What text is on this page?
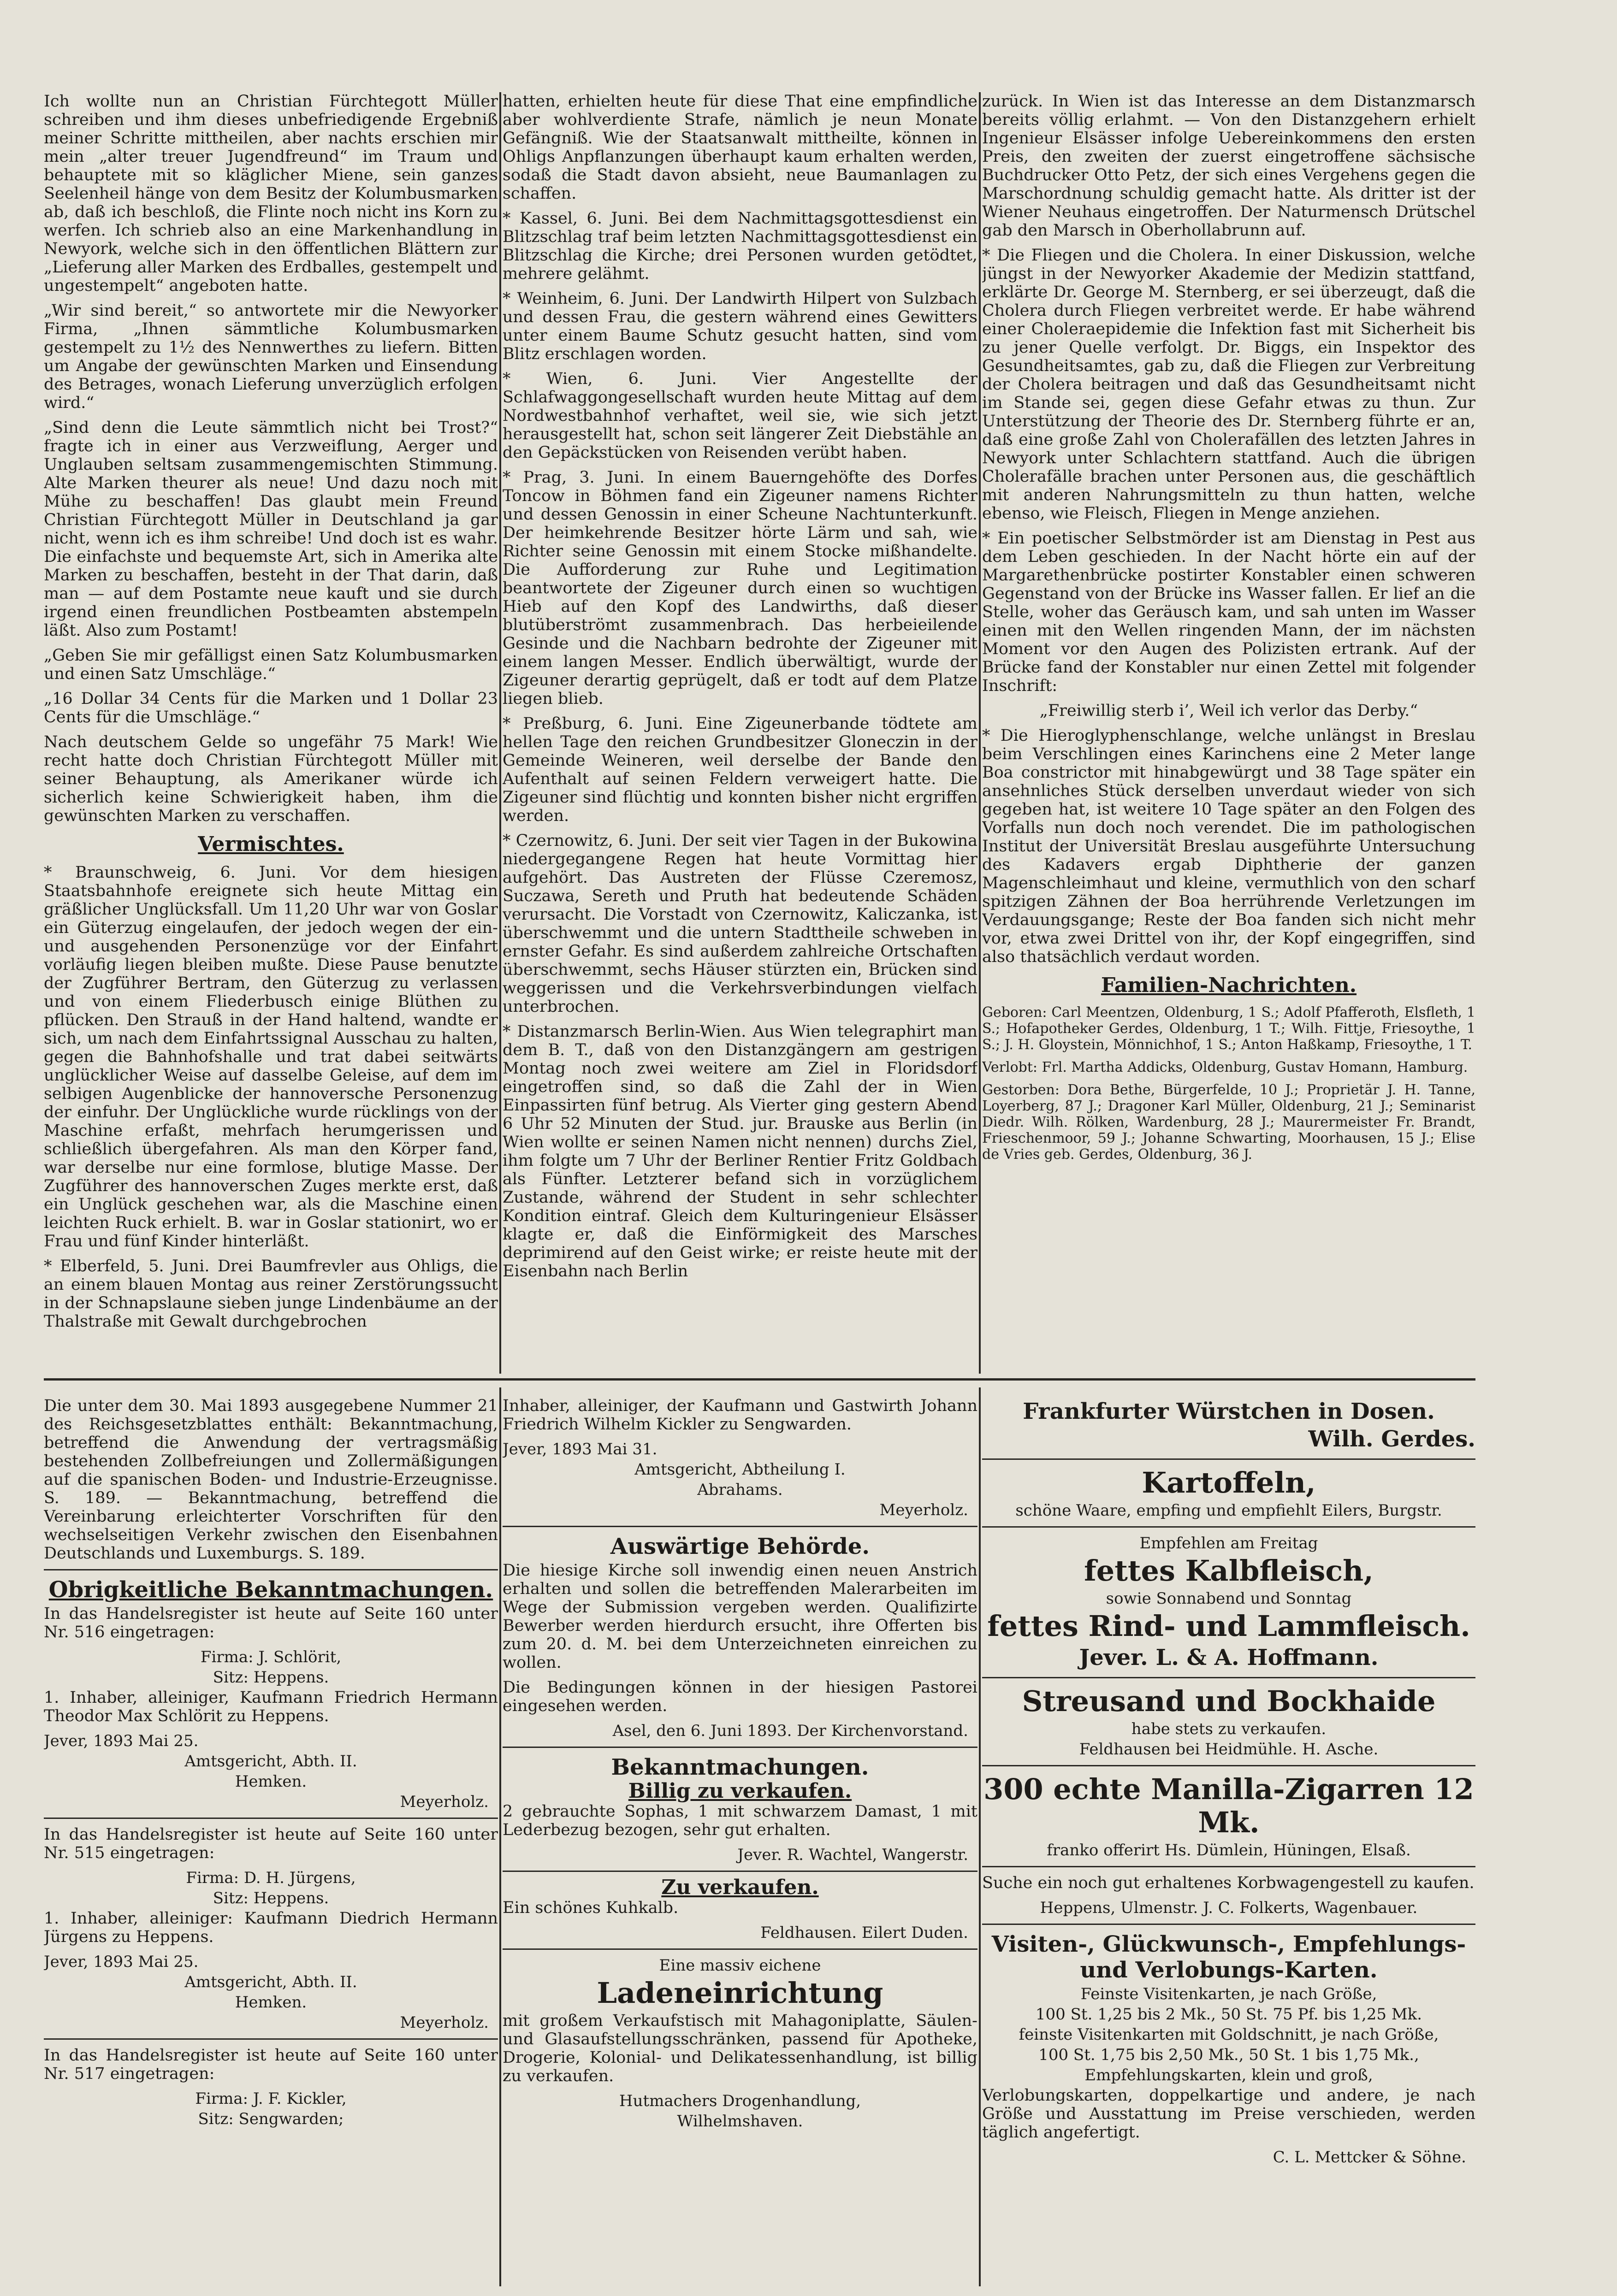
Ich wollte nun an Christian Fürchtegott Müller schreiben und ihm dieses unbefriedigende Ergebniß meiner Schritte mittheilen, aber nachts erschien mir mein „alter treuer Jugendfreund“ im Traum und behauptete mit so kläglicher Miene, sein ganzes Seelenheil hänge von dem Besitz der Kolumbusmarken ab, daß ich beschloß, die Flinte noch nicht ins Korn zu werfen. Ich schrieb also an eine Markenhandlung in Newyork, welche sich in den öffentlichen Blättern zur „Lieferung aller Marken des Erdballes, gestempelt und ungestempelt“ angeboten hatte.

„Wir sind bereit,“ so antwortete mir die Newyorker Firma, „Ihnen sämmtliche Kolumbusmarken gestempelt zu 1½ des Nennwerthes zu liefern. Bitten um Angabe der gewünschten Marken und Einsendung des Betrages, wonach Lieferung unverzüglich erfolgen wird.“

„Sind denn die Leute sämmtlich nicht bei Trost?“ fragte ich in einer aus Verzweiflung, Aerger und Unglauben seltsam zusammengemischten Stimmung. Alte Marken theurer als neue! Und dazu noch mit Mühe zu beschaffen! Das glaubt mein Freund Christian Fürchtegott Müller in Deutschland ja gar nicht, wenn ich es ihm schreibe! Und doch ist es wahr. Die einfachste und bequemste Art, sich in Amerika alte Marken zu beschaffen, besteht in der That darin, daß man — auf dem Postamte neue kauft und sie durch irgend einen freundlichen Postbeamten abstempeln läßt. Also zum Postamt!

„Geben Sie mir gefälligst einen Satz Kolumbusmarken und einen Satz Umschläge.“

„16 Dollar 34 Cents für die Marken und 1 Dollar 23 Cents für die Umschläge.“

Nach deutschem Gelde so ungefähr 75 Mark! Wie recht hatte doch Christian Fürchtegott Müller mit seiner Behauptung, als Amerikaner würde ich sicherlich keine Schwierigkeit haben, ihm die gewünschten Marken zu verschaffen.

Vermischtes.

* Braunschweig, 6. Juni. Vor dem hiesigen Staatsbahnhofe ereignete sich heute Mittag ein gräßlicher Unglücksfall. Um 11,20 Uhr war von Goslar ein Güterzug eingelaufen, der jedoch wegen der ein- und ausgehenden Personenzüge vor der Einfahrt vorläufig liegen bleiben mußte. Diese Pause benutzte der Zugführer Bertram, den Güterzug zu verlassen und von einem Fliederbusch einige Blüthen zu pflücken. Den Strauß in der Hand haltend, wandte er sich, um nach dem Einfahrtssignal Ausschau zu halten, gegen die Bahnhofshalle und trat dabei seitwärts unglücklicher Weise auf dasselbe Geleise, auf dem im selbigen Augenblicke der hannoversche Personenzug der einfuhr. Der Unglückliche wurde rücklings von der Maschine erfaßt, mehrfach herumgerissen und schließlich übergefahren. Als man den Körper fand, war derselbe nur eine formlose, blutige Masse. Der Zugführer des hannoverschen Zuges merkte erst, daß ein Unglück geschehen war, als die Maschine einen leichten Ruck erhielt. B. war in Goslar stationirt, wo er Frau und fünf Kinder hinterläßt.

* Elberfeld, 5. Juni. Drei Baumfrevler aus Ohligs, die an einem blauen Montag aus reiner Zerstörungssucht in der Schnapslaune sieben junge Lindenbäume an der Thalstraße mit Gewalt durchgebrochen

hatten, erhielten heute für diese That eine empfindliche aber wohlverdiente Strafe, nämlich je neun Monate Gefängniß. Wie der Staatsanwalt mittheilte, können in Ohligs Anpflanzungen überhaupt kaum erhalten werden, sodaß die Stadt davon absieht, neue Baumanlagen zu schaffen.

* Kassel, 6. Juni. Bei dem Nachmittagsgottesdienst ein Blitzschlag traf beim letzten Nachmittagsgottesdienst ein Blitzschlag die Kirche; drei Personen wurden getödtet, mehrere gelähmt.

* Weinheim, 6. Juni. Der Landwirth Hilpert von Sulzbach und dessen Frau, die gestern während eines Gewitters unter einem Baume Schutz gesucht hatten, sind vom Blitz erschlagen worden.

* Wien, 6. Juni. Vier Angestellte der Schlafwaggongesellschaft wurden heute Mittag auf dem Nordwestbahnhof verhaftet, weil sie, wie sich jetzt herausgestellt hat, schon seit längerer Zeit Diebstähle an den Gepäckstücken von Reisenden verübt haben.

* Prag, 3. Juni. In einem Bauerngehöfte des Dorfes Toncow in Böhmen fand ein Zigeuner namens Richter und dessen Genossin in einer Scheune Nachtunterkunft. Der heimkehrende Besitzer hörte Lärm und sah, wie Richter seine Genossin mit einem Stocke mißhandelte. Die Aufforderung zur Ruhe und Legitimation beantwortete der Zigeuner durch einen so wuchtigen Hieb auf den Kopf des Landwirths, daß dieser blutüberströmt zusammenbrach. Das herbeieilende Gesinde und die Nachbarn bedrohte der Zigeuner mit einem langen Messer. Endlich überwältigt, wurde der Zigeuner derartig geprügelt, daß er todt auf dem Platze liegen blieb.

* Preßburg, 6. Juni. Eine Zigeunerbande tödtete am hellen Tage den reichen Grundbesitzer Gloneczin in der Gemeinde Weineren, weil derselbe der Bande den Aufenthalt auf seinen Feldern verweigert hatte. Die Zigeuner sind flüchtig und konnten bisher nicht ergriffen werden.

* Czernowitz, 6. Juni. Der seit vier Tagen in der Bukowina niedergegangene Regen hat heute Vormittag hier aufgehört. Das Austreten der Flüsse Czeremosz, Suczawa, Sereth und Pruth hat bedeutende Schäden verursacht. Die Vorstadt von Czernowitz, Kaliczanka, ist überschwemmt und die untern Stadttheile schweben in ernster Gefahr. Es sind außerdem zahlreiche Ortschaften überschwemmt, sechs Häuser stürzten ein, Brücken sind weggerissen und die Verkehrsverbindungen vielfach unterbrochen.

* Distanzmarsch Berlin-Wien. Aus Wien telegraphirt man dem B. T., daß von den Distanzgängern am gestrigen Montag noch zwei weitere am Ziel in Floridsdorf eingetroffen sind, so daß die Zahl der in Wien Einpassirten fünf betrug. Als Vierter ging gestern Abend 6 Uhr 52 Minuten der Stud. jur. Brauske aus Berlin (in Wien wollte er seinen Namen nicht nennen) durchs Ziel, ihm folgte um 7 Uhr der Berliner Rentier Fritz Goldbach als Fünfter. Letzterer befand sich in vorzüglichem Zustande, während der Student in sehr schlechter Kondition eintraf. Gleich dem Kulturingenieur Elsässer klagte er, daß die Einförmigkeit des Marsches deprimirend auf den Geist wirke; er reiste heute mit der Eisenbahn nach Berlin

zurück. In Wien ist das Interesse an dem Distanzmarsch bereits völlig erlahmt. — Von den Distanzgehern erhielt Ingenieur Elsässer infolge Uebereinkommens den ersten Preis, den zweiten der zuerst eingetroffene sächsische Buchdrucker Otto Petz, der sich eines Vergehens gegen die Marschordnung schuldig gemacht hatte. Als dritter ist der Wiener Neuhaus eingetroffen. Der Naturmensch Drütschel gab den Marsch in Oberhollabrunn auf.

* Die Fliegen und die Cholera. In einer Diskussion, welche jüngst in der Newyorker Akademie der Medizin stattfand, erklärte Dr. George M. Sternberg, er sei überzeugt, daß die Cholera durch Fliegen verbreitet werde. Er habe während einer Choleraepidemie die Infektion fast mit Sicherheit bis zu jener Quelle verfolgt. Dr. Biggs, ein Inspektor des Gesundheitsamtes, gab zu, daß die Fliegen zur Verbreitung der Cholera beitragen und daß das Gesundheitsamt nicht im Stande sei, gegen diese Gefahr etwas zu thun. Zur Unterstützung der Theorie des Dr. Sternberg führte er an, daß eine große Zahl von Cholerafällen des letzten Jahres in Newyork unter Schlachtern stattfand. Auch die übrigen Cholerafälle brachen unter Personen aus, die geschäftlich mit anderen Nahrungsmitteln zu thun hatten, welche ebenso, wie Fleisch, Fliegen in Menge anziehen.

* Ein poetischer Selbstmörder ist am Dienstag in Pest aus dem Leben geschieden. In der Nacht hörte ein auf der Margarethenbrücke postirter Konstabler einen schweren Gegenstand von der Brücke ins Wasser fallen. Er lief an die Stelle, woher das Geräusch kam, und sah unten im Wasser einen mit den Wellen ringenden Mann, der im nächsten Moment vor den Augen des Polizisten ertrank. Auf der Brücke fand der Konstabler nur einen Zettel mit folgender Inschrift:

„Freiwillig sterb i’, Weil ich verlor das Derby.“

* Die Hieroglyphenschlange, welche unlängst in Breslau beim Verschlingen eines Karinchens eine 2 Meter lange Boa constrictor mit hinabgewürgt und 38 Tage später ein ansehnliches Stück derselben unverdaut wieder von sich gegeben hat, ist weitere 10 Tage später an den Folgen des Vorfalls nun doch noch verendet. Die im pathologischen Institut der Universität Breslau ausgeführte Untersuchung des Kadavers ergab Diphtherie der ganzen Magenschleimhaut und kleine, vermuthlich von den scharf spitzigen Zähnen der Boa herrührende Verletzungen im Verdauungsgange; Reste der Boa fanden sich nicht mehr vor, etwa zwei Drittel von ihr, der Kopf eingegriffen, sind also thatsächlich verdaut worden.

Familien-Nachrichten.

Geboren: Carl Meentzen, Oldenburg, 1 S.; Adolf Pfafferoth, Elsfleth, 1 S.; Hofapotheker Gerdes, Oldenburg, 1 T.; Wilh. Fittje, Friesoythe, 1 S.; J. H. Gloystein, Mönnichhof, 1 S.; Anton Haßkamp, Friesoythe, 1 T.

Verlobt: Frl. Martha Addicks, Oldenburg, Gustav Homann, Hamburg.

Gestorben: Dora Bethe, Bürgerfelde, 10 J.; Proprietär J. H. Tanne, Loyerberg, 87 J.; Dragoner Karl Müller, Oldenburg, 21 J.; Seminarist Diedr. Wilh. Rölken, Wardenburg, 28 J.; Maurermeister Fr. Brandt, Frieschenmoor, 59 J.; Johanne Schwarting, Moorhausen, 15 J.; Elise de Vries geb. Gerdes, Oldenburg, 36 J.

Die unter dem 30. Mai 1893 ausgegebene Nummer 21 des Reichsgesetzblattes enthält: Bekanntmachung, betreffend die Anwendung der vertragsmäßig bestehenden Zollbefreiungen und Zollermäßigungen auf die spanischen Boden- und Industrie-Erzeugnisse. S. 189. — Bekanntmachung, betreffend die Vereinbarung erleichterter Vorschriften für den wechselseitigen Verkehr zwischen den Eisenbahnen Deutschlands und Luxemburgs. S. 189.

Obrigkeitliche Bekanntmachungen.

In das Handelsregister ist heute auf Seite 160 unter Nr. 516 eingetragen:

Firma: J. Schlörit,
Sitz: Heppens.

1. Inhaber, alleiniger, Kaufmann Friedrich Hermann Theodor Max Schlörit zu Heppens.

Jever, 1893 Mai 25.
Amtsgericht, Abth. II.
Hemken.
Meyerholz.

In das Handelsregister ist heute auf Seite 160 unter Nr. 515 eingetragen:

Firma: D. H. Jürgens,
Sitz: Heppens.

1. Inhaber, alleiniger: Kaufmann Diedrich Hermann Jürgens zu Heppens.

Jever, 1893 Mai 25.
Amtsgericht, Abth. II.
Hemken.
Meyerholz.

In das Handelsregister ist heute auf Seite 160 unter Nr. 517 eingetragen:

Firma: J. F. Kickler,
Sitz: Sengwarden;

Inhaber, alleiniger, der Kaufmann und Gastwirth Johann Friedrich Wilhelm Kickler zu Sengwarden.

Jever, 1893 Mai 31.
Amtsgericht, Abtheilung I.
Abrahams.
Meyerholz.
Auswärtige Behörde.

Die hiesige Kirche soll inwendig einen neuen Anstrich erhalten und sollen die betreffenden Malerarbeiten im Wege der Submission vergeben werden. Qualifizirte Bewerber werden hierdurch ersucht, ihre Offerten bis zum 20. d. M. bei dem Unterzeichneten einreichen zu wollen.

Die Bedingungen können in der hiesigen Pastorei eingesehen werden.

Asel, den 6. Juni 1893. Der Kirchenvorstand.
Bekanntmachungen.
Billig zu verkaufen.

2 gebrauchte Sophas, 1 mit schwarzem Damast, 1 mit Lederbezug bezogen, sehr gut erhalten.

Jever. R. Wachtel, Wangerstr.
Zu verkaufen.

Ein schönes Kuhkalb.

Feldhausen. Eilert Duden.
Eine massiv eichene
Ladeneinrichtung

mit großem Verkaufstisch mit Mahagoniplatte, Säulen- und Glasaufstellungsschränken, passend für Apotheke, Drogerie, Kolonial- und Delikatessenhandlung, ist billig zu verkaufen.

Hutmachers Drogenhandlung,
Wilhelmshaven.
Frankfurter Würstchen in Dosen.
Wilh. Gerdes.
Kartoffeln,
schöne Waare, empfing und empfiehlt Eilers, Burgstr.
Empfehlen am Freitag
fettes Kalbfleisch,
sowie Sonnabend und Sonntag
fettes Rind- und Lammfleisch.
Jever. L. & A. Hoffmann.
Streusand und Bockhaide
habe stets zu verkaufen.
Feldhausen bei Heidmühle. H. Asche.
300 echte Manilla-Zigarren 12 Mk.
franko offerirt Hs. Dümlein, Hüningen, Elsaß.

Suche ein noch gut erhaltenes Korbwagengestell zu kaufen.

Heppens, Ulmenstr. J. C. Folkerts, Wagenbauer.
Visiten-, Glückwunsch-, Empfehlungs- und Verlobungs-Karten.
Feinste Visitenkarten, je nach Größe,
100 St. 1,25 bis 2 Mk., 50 St. 75 Pf. bis 1,25 Mk.
feinste Visitenkarten mit Goldschnitt, je nach Größe,
100 St. 1,75 bis 2,50 Mk., 50 St. 1 bis 1,75 Mk.,
Empfehlungskarten, klein und groß,

Verlobungskarten, doppelkartige und andere, je nach Größe und Ausstattung im Preise verschieden, werden täglich angefertigt.

C. L. Mettcker & Söhne.
